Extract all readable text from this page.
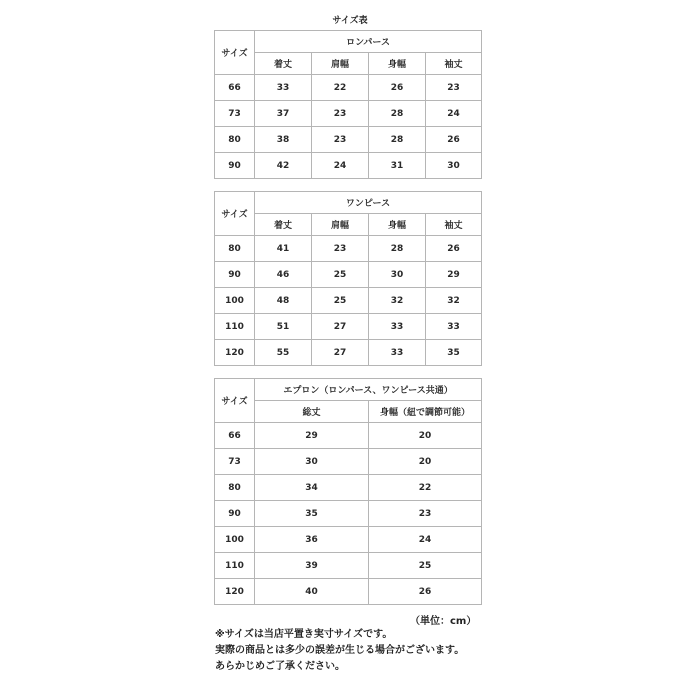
サイズ表
サイズ	ロンパース			
	着丈	肩幅	身幅	袖丈
66	33	22	26	23
73	37	23	28	24
80	38	23	28	26
90	42	24	31	30
サイズ	ワンピース			
	着丈	肩幅	身幅	袖丈
80	41	23	28	26
90	46	25	30	29
100	48	25	32	32
110	51	27	33	33
120	55	27	33	35
サイズ	エプロン（ロンパース、ワンピース共通）	
	総丈	身幅（紐で調節可能）
66	29	20
73	30	20
80	34	22
90	35	23
100	36	24
110	39	25
120	40	26
（単位：cm）
※サイズは当店平置き実寸サイズです。
実際の商品とは多少の誤差が生じる場合がございます。
あらかじめご了承ください。
